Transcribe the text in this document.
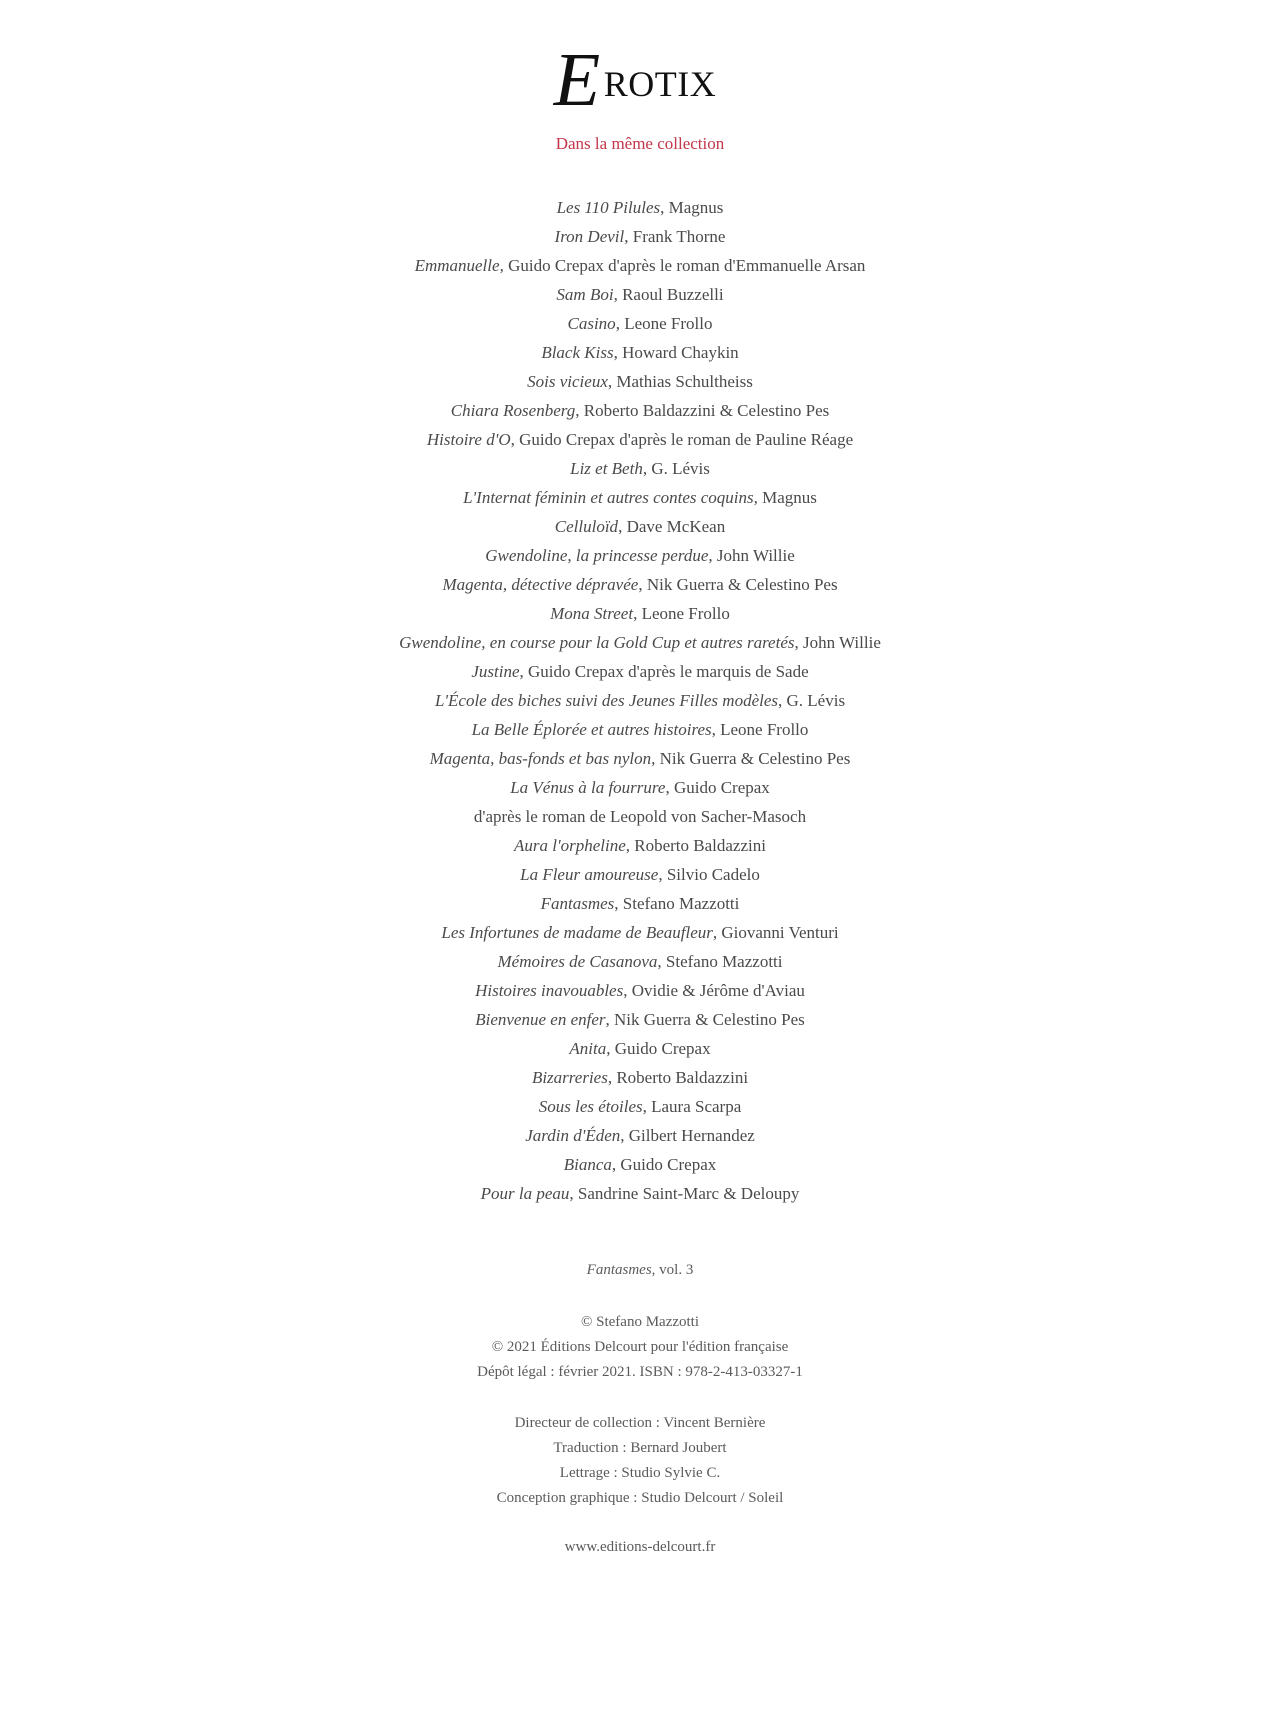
E ROTIX
Dans la même collection
Les 110 Pilules, Magnus
Iron Devil, Frank Thorne
Emmanuelle, Guido Crepax d'après le roman d'Emmanuelle Arsan
Sam Boi, Raoul Buzzelli
Casino, Leone Frollo
Black Kiss, Howard Chaykin
Sois vicieux, Mathias Schultheiss
Chiara Rosenberg, Roberto Baldazzini & Celestino Pes
Histoire d'O, Guido Crepax d'après le roman de Pauline Réage
Liz et Beth, G. Lévis
L'Internat féminin et autres contes coquins, Magnus
Celluloïd, Dave McKean
Gwendoline, la princesse perdue, John Willie
Magenta, détective dépravée, Nik Guerra & Celestino Pes
Mona Street, Leone Frollo
Gwendoline, en course pour la Gold Cup et autres raretés, John Willie
Justine, Guido Crepax d'après le marquis de Sade
L'École des biches suivi des Jeunes Filles modèles, G. Lévis
La Belle Éplorée et autres histoires, Leone Frollo
Magenta, bas-fonds et bas nylon, Nik Guerra & Celestino Pes
La Vénus à la fourrure, Guido Crepax
d'après le roman de Leopold von Sacher-Masoch
Aura l'orpheline, Roberto Baldazzini
La Fleur amoureuse, Silvio Cadelo
Fantasmes, Stefano Mazzotti
Les Infortunes de madame de Beaufleur, Giovanni Venturi
Mémoires de Casanova, Stefano Mazzotti
Histoires inavouables, Ovidie & Jérôme d'Aviau
Bienvenue en enfer, Nik Guerra & Celestino Pes
Anita, Guido Crepax
Bizarreries, Roberto Baldazzini
Sous les étoiles, Laura Scarpa
Jardin d'Éden, Gilbert Hernandez
Bianca, Guido Crepax
Pour la peau, Sandrine Saint-Marc & Deloupy
Fantasmes, vol. 3
© Stefano Mazzotti
© 2021 Éditions Delcourt pour l'édition française
Dépôt légal : février 2021. ISBN : 978-2-413-03327-1
Directeur de collection : Vincent Bernière
Traduction : Bernard Joubert
Lettrage : Studio Sylvie C.
Conception graphique : Studio Delcourt / Soleil
www.editions-delcourt.fr
